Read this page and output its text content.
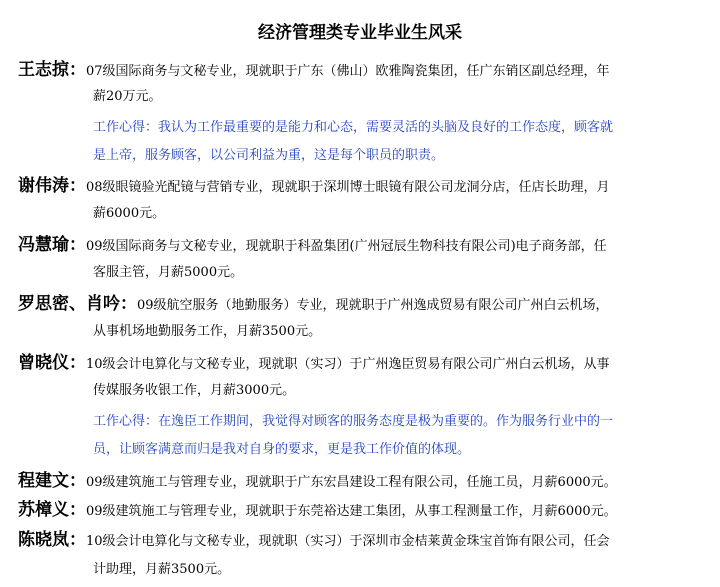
经济管理类专业毕业生风采
王志掠：07级国际商务与文秘专业，现就职于广东（佛山）欧雅陶瓷集团，任广东销区副总经理，年
薪20万元。
工作心得：我认为工作最重要的是能力和心态，需要灵活的头脑及良好的工作态度，顾客就
是上帝，服务顾客，以公司利益为重，这是每个职员的职责。
谢伟涛：08级眼镜验光配镜与营销专业，现就职于深圳博士眼镜有限公司龙洞分店，任店长助理，月
薪6000元。
冯慧瑜：09级国际商务与文秘专业，现就职于科盈集团(广州冠辰生物科技有限公司)电子商务部，任
客服主管，月薪5000元。
罗思密、肖吟：09级航空服务（地勤服务）专业，现就职于广州逸成贸易有限公司广州白云机场，
从事机场地勤服务工作，月薪3500元。
曾晓仪：10级会计电算化与文秘专业，现就职（实习）于广州逸臣贸易有限公司广州白云机场，从事
传媒服务收银工作，月薪3000元。
工作心得：在逸臣工作期间，我觉得对顾客的服务态度是极为重要的。作为服务行业中的一
员，让顾客满意而归是我对自身的要求，更是我工作价值的体现。
程建文：09级建筑施工与管理专业，现就职于广东宏昌建设工程有限公司，任施工员，月薪6000元。
苏樟义：09级建筑施工与管理专业，现就职于东莞裕达建工集团，从事工程测量工作，月薪6000元。
陈晓岚：10级会计电算化与文秘专业，现就职（实习）于深圳市金桔莱黄金珠宝首饰有限公司，任会
计助理，月薪3500元。
